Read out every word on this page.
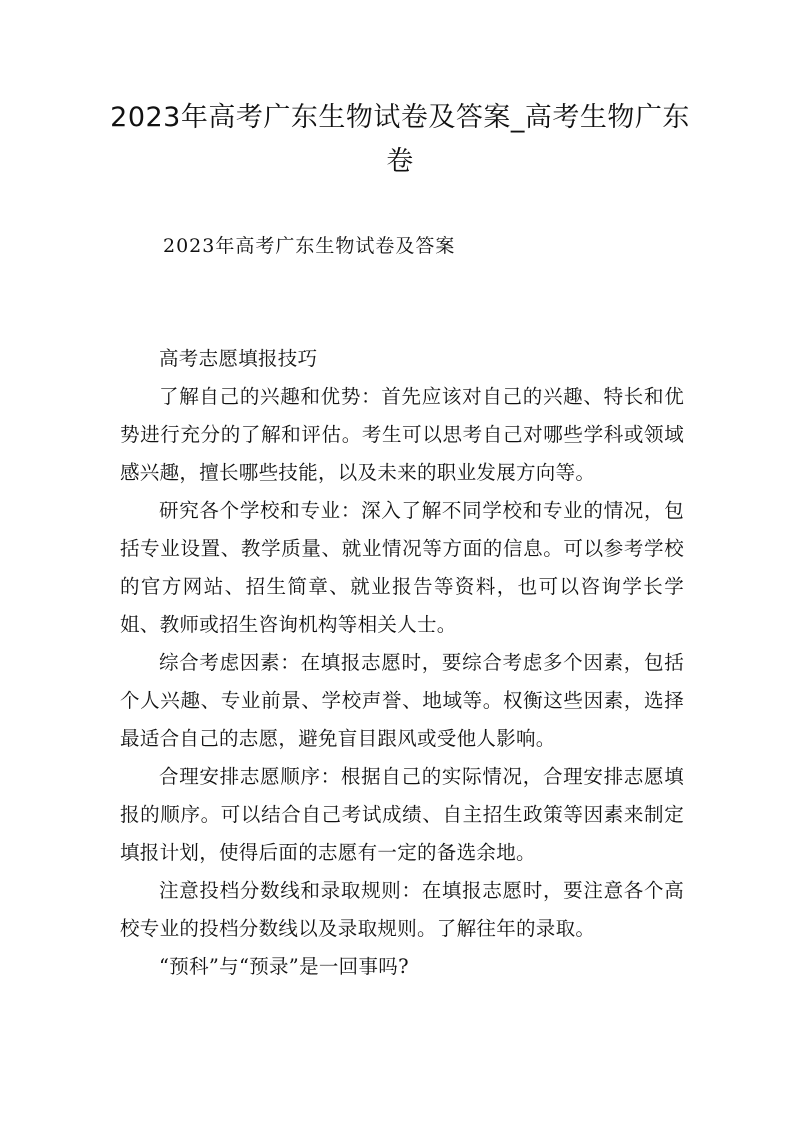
2023年高考广东生物试卷及答案_高考生物广东卷

2023年高考广东生物试卷及答案

高考志愿填报技巧

了解自己的兴趣和优势：首先应该对自己的兴趣、特长和优势进行充分的了解和评估。考生可以思考自己对哪些学科或领域感兴趣，擅长哪些技能，以及未来的职业发展方向等。

研究各个学校和专业：深入了解不同学校和专业的情况，包括专业设置、教学质量、就业情况等方面的信息。可以参考学校的官方网站、招生简章、就业报告等资料，也可以咨询学长学姐、教师或招生咨询机构等相关人士。

综合考虑因素：在填报志愿时，要综合考虑多个因素，包括个人兴趣、专业前景、学校声誉、地域等。权衡这些因素，选择最适合自己的志愿，避免盲目跟风或受他人影响。

合理安排志愿顺序：根据自己的实际情况，合理安排志愿填报的顺序。可以结合自己考试成绩、自主招生政策等因素来制定填报计划，使得后面的志愿有一定的备选余地。

注意投档分数线和录取规则：在填报志愿时，要注意各个高校专业的投档分数线以及录取规则。了解往年的录取。

“预科”与“预录”是一回事吗?
